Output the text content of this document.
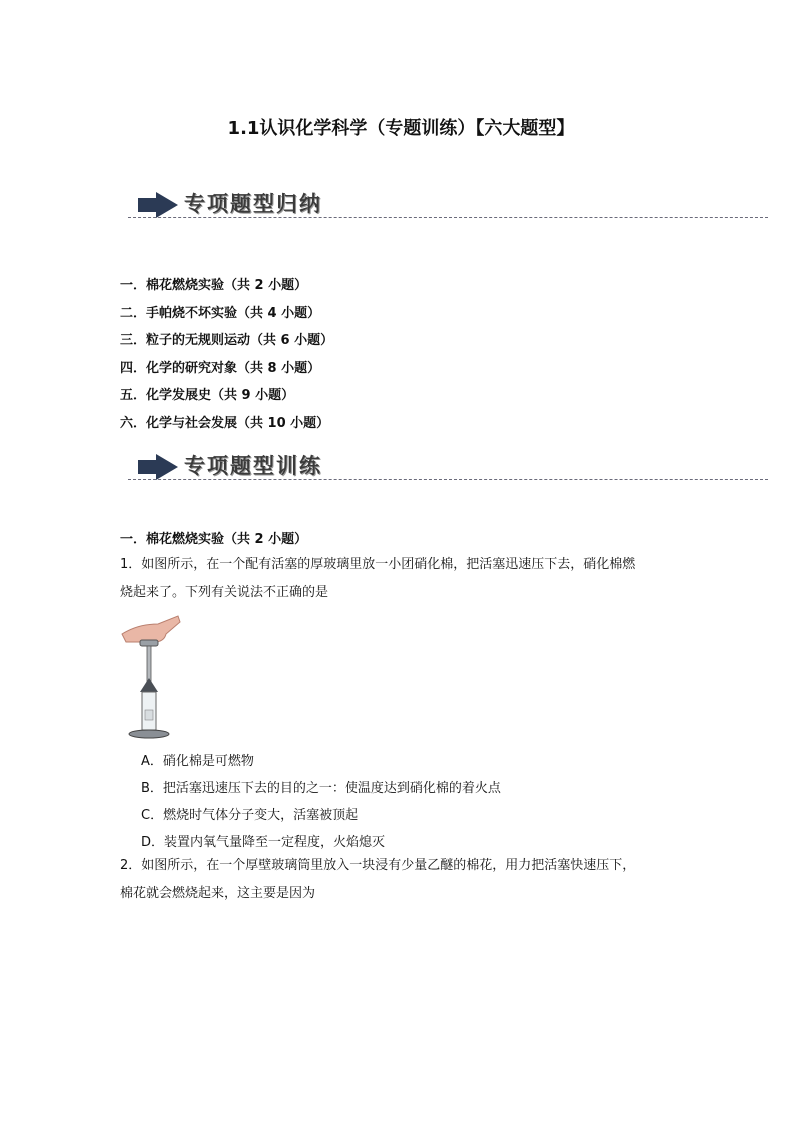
1.1认识化学科学（专题训练）【六大题型】
专项题型归纳
一．棉花燃烧实验（共 2 小题）
二．手帕烧不坏实验（共 4 小题）
三．粒子的无规则运动（共 6 小题）
四．化学的研究对象（共 8 小题）
五．化学发展史（共 9 小题）
六．化学与社会发展（共 10 小题）
专项题型训练
一．棉花燃烧实验（共 2 小题）
1．如图所示，在一个配有活塞的厚玻璃里放一小团硝化棉，把活塞迅速压下去，硝化棉燃
烧起来了。下列有关说法不正确的是
A．硝化棉是可燃物
B．把活塞迅速压下去的目的之一：使温度达到硝化棉的着火点
C．燃烧时气体分子变大，活塞被顶起
D．装置内氧气量降至一定程度，火焰熄灭
2．如图所示，在一个厚壁玻璃筒里放入一块浸有少量乙醚的棉花，用力把活塞快速压下，
棉花就会燃烧起来，这主要是因为
